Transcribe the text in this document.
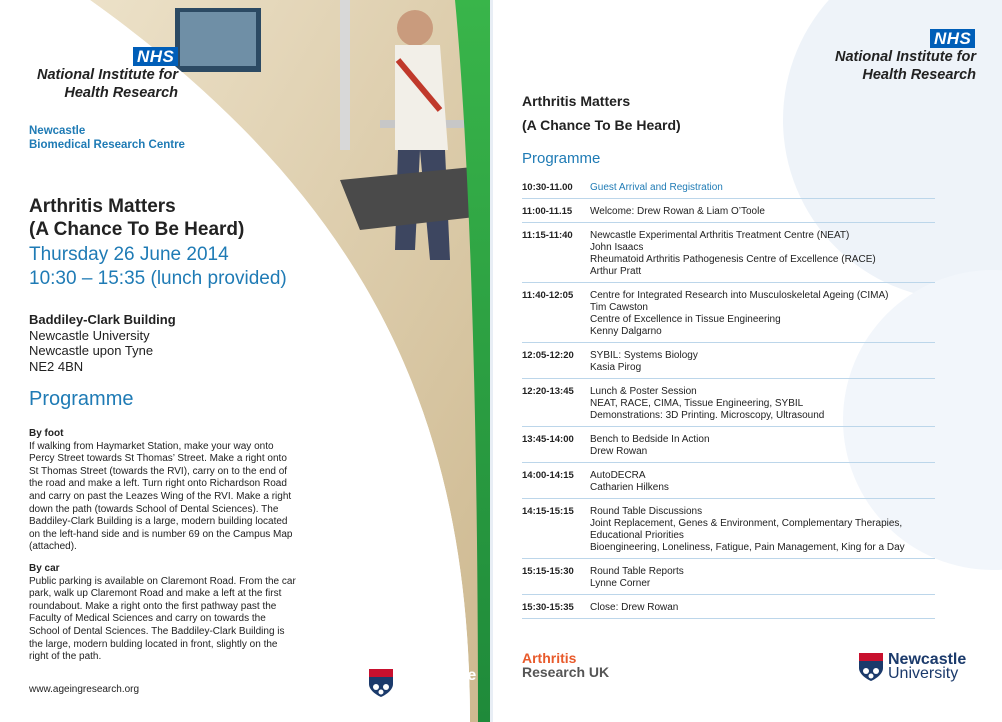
NHS
National Institute for
Health Research
Newcastle
Biomedical Research Centre
Arthritis Matters
(A Chance To Be Heard)
Thursday 26 June 2014
10:30 – 15:35 (lunch provided)
Baddiley-Clark Building
Newcastle University
Newcastle upon Tyne
NE2 4BN
Programme
By foot
If walking from Haymarket Station, make your way onto Percy Street towards St Thomas’ Street. Make a right onto St Thomas Street (towards the RVI), carry on to the end of the road and make a left. Turn right onto Richardson Road and carry on past the Leazes Wing of the RVI. Make a right down the path (towards School of Dental Sciences). The Baddiley-Clark Building is a large, modern building located on the left-hand side and is number 69 on the Campus Map (attached).
By car
Public parking is available on Claremont Road. From the car park, walk up Claremont Road and make a left at the first roundabout. Make a right onto the first pathway past the Faculty of Medical Sciences and carry on towards the School of Dental Sciences. The Baddiley-Clark Building is the large, modern bulding located in front, slightly on the right of the path.
www.ageingresearch.org
Newcastle
University
NHS
National Institute for
Health Research
Arthritis Matters
(A Chance To Be Heard)
Programme
10:30-11.00	Guest Arrival and Registration
11:00-11.15	Welcome: Drew Rowan & Liam O’Toole
11:15-11:40	Newcastle Experimental Arthritis Treatment Centre (NEAT)
John Isaacs
Rheumatoid Arthritis Pathogenesis Centre of Excellence (RACE)
Arthur Pratt
11:40-12:05	Centre for Integrated Research into Musculoskeletal Ageing (CIMA)
Tim Cawston
Centre of Excellence in Tissue Engineering
Kenny Dalgarno
12:05-12:20	SYBIL: Systems Biology
Kasia Pirog
12:20-13:45	Lunch & Poster Session
NEAT, RACE, CIMA, Tissue Engineering, SYBIL
Demonstrations: 3D Printing. Microscopy, Ultrasound
13:45-14:00	Bench to Bedside In Action
Drew Rowan
14:00-14:15	AutoDECRA
Catharien Hilkens
14:15-15:15	Round Table Discussions
Joint Replacement, Genes & Environment, Complementary Therapies,
Educational Priorities
Bioengineering, Loneliness, Fatigue, Pain Management, King for a Day
15:15-15:30	Round Table Reports
Lynne Corner
15:30-15:35	Close: Drew Rowan
Arthritis
Research UK
Newcastle
University
